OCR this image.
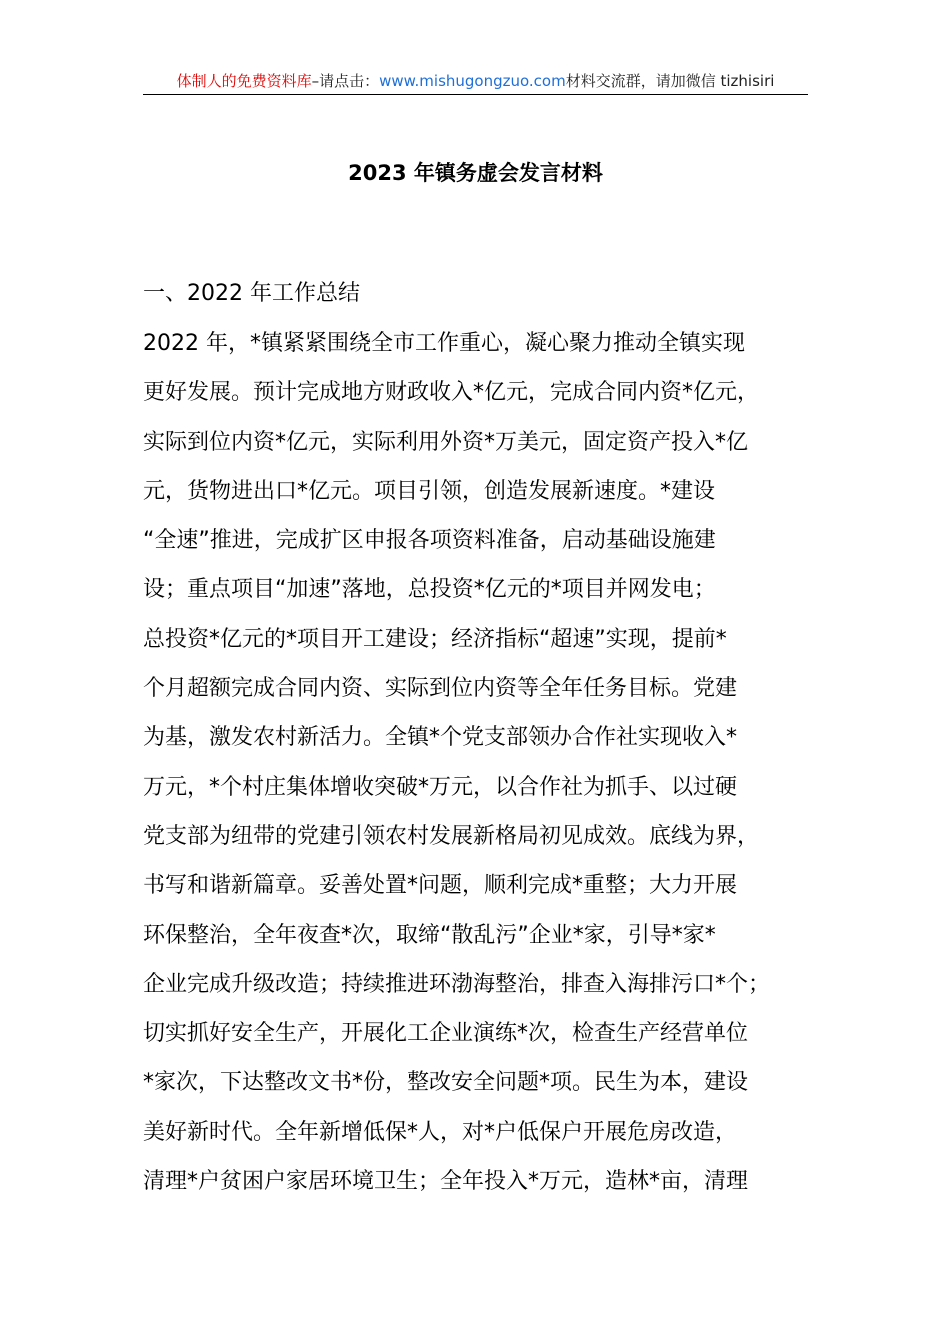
体制人的免费资料库–请点击：www.mishugongzuo.com材料交流群，请加微信 tizhisiri
2023 年镇务虚会发言材料
一、2022 年工作总结
2022 年，*镇紧紧围绕全市工作重心，凝心聚力推动全镇实现
更好发展。预计完成地方财政收入*亿元，完成合同内资*亿元，
实际到位内资*亿元，实际利用外资*万美元，固定资产投入*亿
元，货物进出口*亿元。项目引领，创造发展新速度。*建设
“全速”推进，完成扩区申报各项资料准备，启动基础设施建
设；重点项目“加速”落地，总投资*亿元的*项目并网发电；
总投资*亿元的*项目开工建设；经济指标“超速”实现，提前*
个月超额完成合同内资、实际到位内资等全年任务目标。党建
为基，激发农村新活力。全镇*个党支部领办合作社实现收入*
万元，*个村庄集体增收突破*万元，以合作社为抓手、以过硬
党支部为纽带的党建引领农村发展新格局初见成效。底线为界，
书写和谐新篇章。妥善处置*问题，顺利完成*重整；大力开展
环保整治，全年夜查*次，取缔“散乱污”企业*家，引导*家*
企业完成升级改造；持续推进环渤海整治，排查入海排污口*个；
切实抓好安全生产，开展化工企业演练*次，检查生产经营单位
*家次，下达整改文书*份，整改安全问题*项。民生为本，建设
美好新时代。全年新增低保*人，对*户低保户开展危房改造，
清理*户贫困户家居环境卫生；全年投入*万元，造林*亩，清理
